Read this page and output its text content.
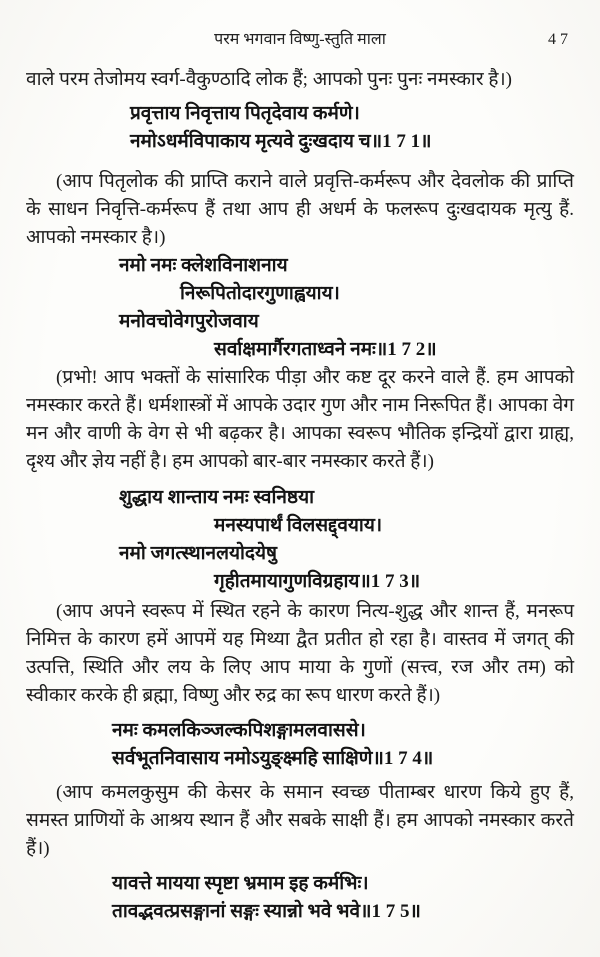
परम भगवान विष्णु-स्तुति माला	47

वाले परम तेजोमय स्वर्ग-वैकुण्ठादि लोक हैं; आपको पुनः पुनः नमस्कार है।)

प्रवृत्ताय निवृत्ताय पितृदेवाय कर्मणे।
नमोऽधर्मविपाकाय मृत्यवे दुःखदाय च॥1 7 1॥

(आप पितृलोक की प्राप्ति कराने वाले प्रवृत्ति-कर्मरूप और देवलोक की प्राप्ति के साधन निवृत्ति-कर्मरूप हैं तथा आप ही अधर्म के फलरूप दुःखदायक मृत्यु हैं. आपको नमस्कार है।)

नमो नमः क्लेशविनाशनाय
निरूपितोदारगुणाह्वयाय।
मनोवचोवेगपुरोजवाय
सर्वाक्षमार्गैरगताध्वने नमः॥1 7 2॥

(प्रभो! आप भक्तों के सांसारिक पीड़ा और कष्ट दूर करने वाले हैं. हम आपको नमस्कार करते हैं। धर्मशास्त्रों में आपके उदार गुण और नाम निरूपित हैं। आपका वेग मन और वाणी के वेग से भी बढ़कर है। आपका स्वरूप भौतिक इन्द्रियों द्वारा ग्राह्य, दृश्य और ज्ञेय नहीं है। हम आपको बार-बार नमस्कार करते हैं।)

शुद्धाय शान्ताय नमः स्वनिष्ठया
मनस्यपार्थं विलसद्द्वयाय।
नमो जगत्स्थानलयोदयेषु
गृहीतमायागुणविग्रहाय॥1 7 3॥

(आप अपने स्वरूप में स्थित रहने के कारण नित्य-शुद्ध और शान्त हैं, मनरूप निमित्त के कारण हमें आपमें यह मिथ्या द्वैत प्रतीत हो रहा है। वास्तव में जगत् की उत्पत्ति, स्थिति और लय के लिए आप माया के गुणों (सत्त्व, रज और तम) को स्वीकार करके ही ब्रह्मा, विष्णु और रुद्र का रूप धारण करते हैं।)

नमः कमलकिञ्जल्कपिशङ्गामलवाससे।
सर्वभूतनिवासाय नमोऽयुङ्क्ष्महि साक्षिणे॥1 7 4॥

(आप कमलकुसुम की केसर के समान स्वच्छ पीताम्बर धारण किये हुए हैं, समस्त प्राणियों के आश्रय स्थान हैं और सबके साक्षी हैं। हम आपको नमस्कार करते हैं।)

यावत्ते मायया स्पृष्टा भ्रमाम इह कर्मभिः।
तावद्भवत्प्रसङ्गानां सङ्गः स्यान्नो भवे भवे॥1 7 5॥
